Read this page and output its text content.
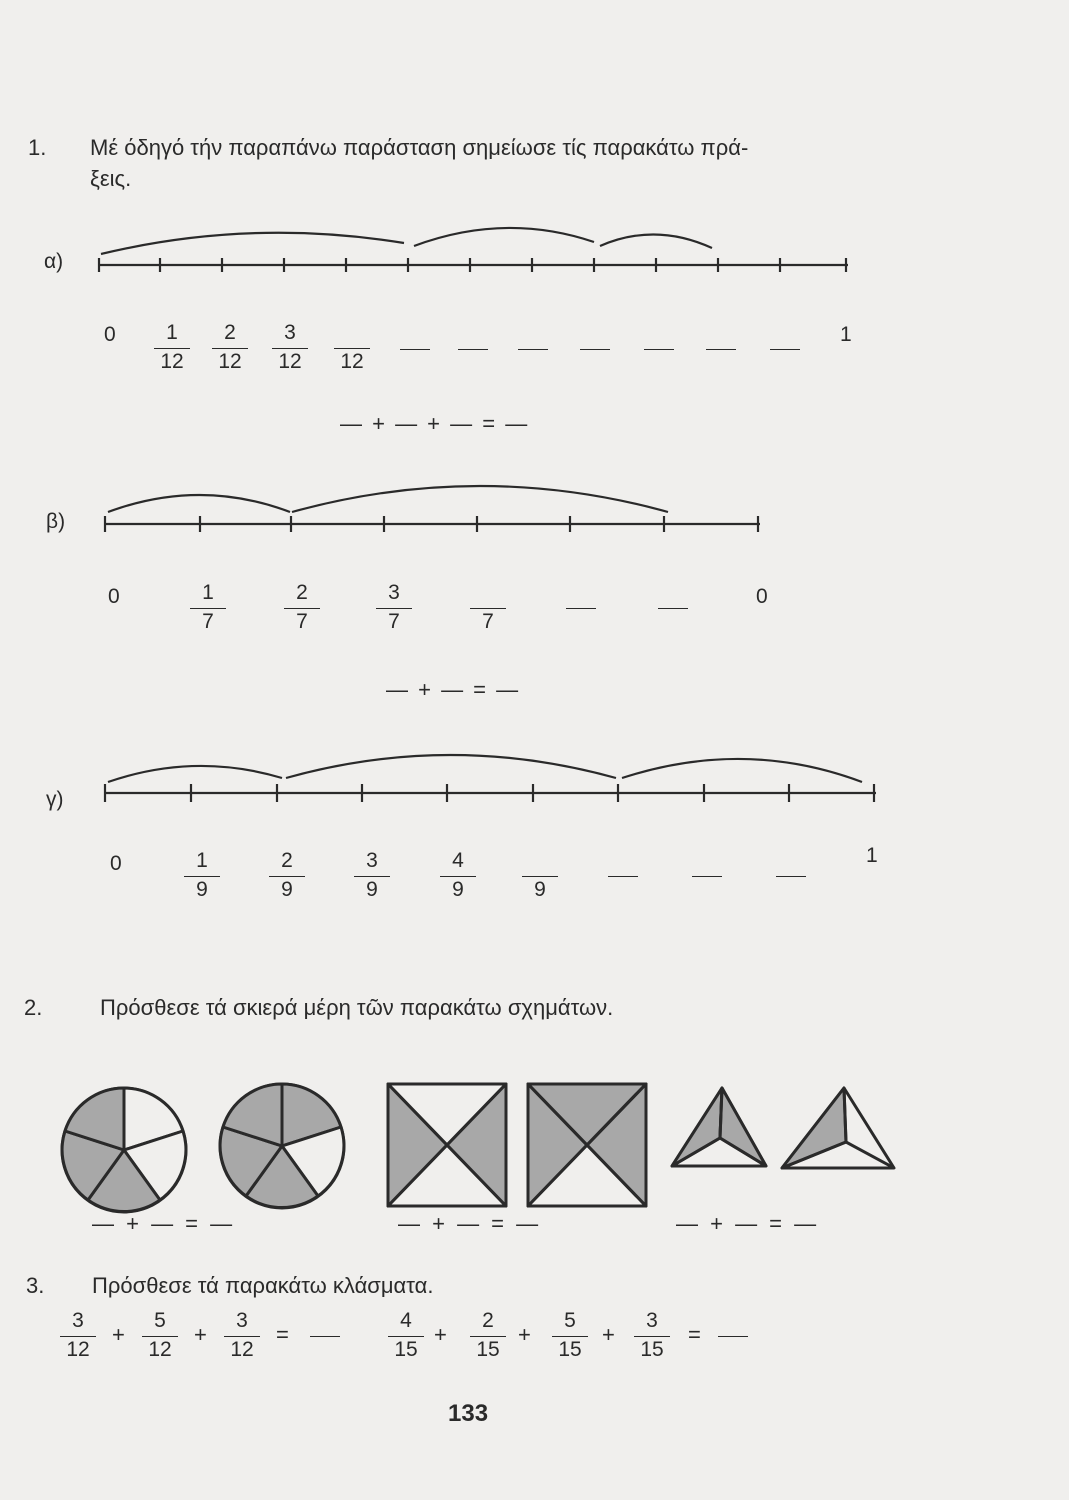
1. Μέ όδηγό τήν παραπάνω παράσταση σημείωσε τίς παρακάτω πρά-
ξεις.
α)
0	1
12
2
12
3
12	12
1
— + — + — = —
β)
0	1
7
2
7
3
7	7
0
— + — = —
γ)
0	1
9
2
9
3
9
4
9	9
1
2.	Πρόσθεσε τά σκιερά μέρη τῶν παρακάτω σχημάτων.
— + — = —	— + — = —	— + — = —
3. Πρόσθεσε τά παρακάτω κλάσματα.
3
12
+
5
12
+
3
12
=
4
15
+
2
15
+
5
15
+
3
15
=
133
